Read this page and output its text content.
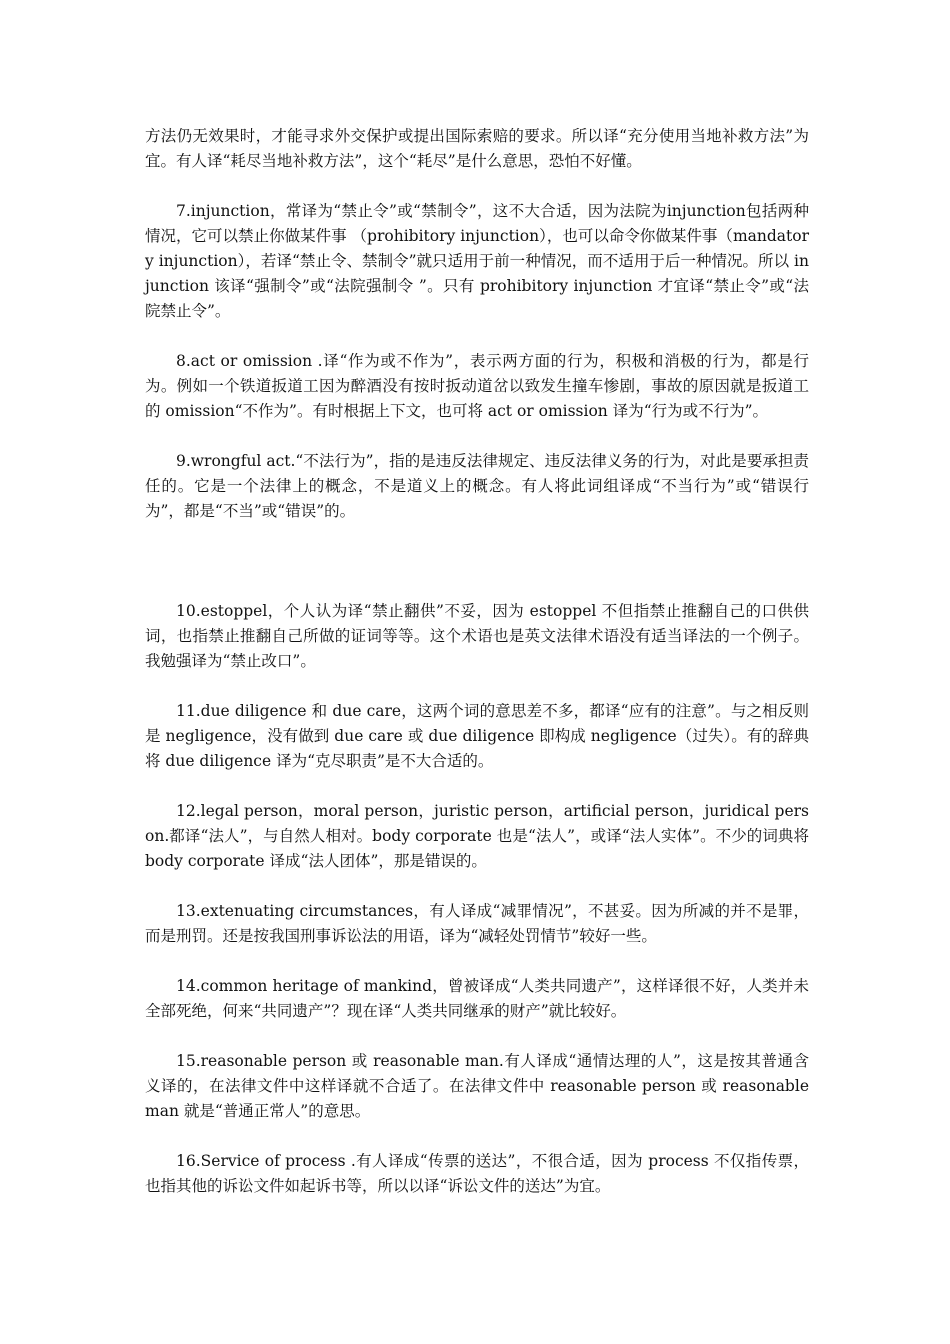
方法仍无效果时，才能寻求外交保护或提出国际索赔的要求。所以译“充分使用当地补救方法”为宜。有人译“耗尽当地补救方法”，这个“耗尽”是什么意思，恐怕不好懂。

7.injunction，常译为“禁止令”或“禁制令”，这不大合适，因为法院为injunction包括两种情况，它可以禁止你做某件事 （prohibitory injunction），也可以命令你做某件事（mandatory injunction），若译“禁止令、禁制令”就只适用于前一种情况，而不适用于后一种情况。所以 injunction 该译“强制令”或“法院强制令 ”。只有 prohibitory injunction 才宜译“禁止令”或“法院禁止令”。

8.act or omission .译“作为或不作为”，表示两方面的行为，积极和消极的行为，都是行为。例如一个铁道扳道工因为醉酒没有按时扳动道岔以致发生撞车惨剧，事故的原因就是扳道工的 omission“不作为”。有时根据上下文，也可将 act or omission 译为“行为或不行为”。

9.wrongful act.“不法行为”，指的是违反法律规定、违反法律义务的行为，对此是要承担责任的。它是一个法律上的概念，不是道义上的概念。有人将此词组译成“不当行为”或“错误行为”，都是“不当”或“错误”的。

10.estoppel，个人认为译“禁止翻供”不妥，因为 estoppel 不但指禁止推翻自己的口供供词，也指禁止推翻自己所做的证词等等。这个术语也是英文法律术语没有适当译法的一个例子。我勉强译为“禁止改口”。

11.due diligence 和 due care，这两个词的意思差不多，都译“应有的注意”。与之相反则是 negligence，没有做到 due care 或 due diligence 即构成 negligence（过失）。有的辞典将 due diligence 译为“克尽职责”是不大合适的。

12.legal person，moral person，juristic person，artificial person，juridical person.都译“法人”，与自然人相对。body corporate 也是“法人”，或译“法人实体”。不少的词典将 body corporate 译成“法人团体”，那是错误的。

13.extenuating circumstances，有人译成“减罪情况”，不甚妥。因为所减的并不是罪，而是刑罚。还是按我国刑事诉讼法的用语，译为“减轻处罚情节”较好一些。

14.common heritage of mankind，曾被译成“人类共同遗产”，这样译很不好，人类并未全部死绝，何来“共同遗产”？现在译“人类共同继承的财产”就比较好。

15.reasonable person 或 reasonable man.有人译成“通情达理的人”，这是按其普通含义译的，在法律文件中这样译就不合适了。在法律文件中 reasonable person 或 reasonable man 就是“普通正常人”的意思。

16.Service of process .有人译成“传票的送达”，不很合适，因为 process 不仅指传票，也指其他的诉讼文件如起诉书等，所以以译“诉讼文件的送达”为宜。
